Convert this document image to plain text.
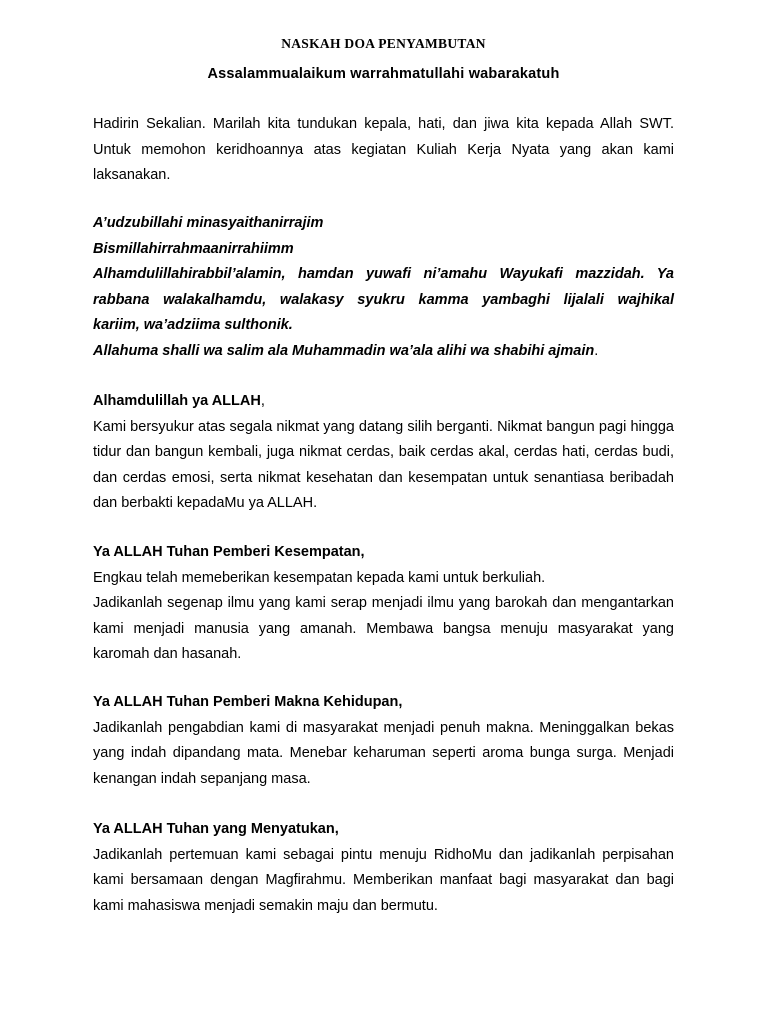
NASKAH DOA PENYAMBUTAN

Assalammualaikum warrahmatullahi wabarakatuh

Hadirin Sekalian. Marilah kita tundukan kepala, hati, dan jiwa kita kepada Allah SWT. Untuk memohon keridhoannya atas kegiatan Kuliah Kerja Nyata yang akan kami laksanakan.

A’udzubillahi minasyaithanirrajim
Bismillahirrahmaanirrahiimm
Alhamdulillahirabbil’alamin, hamdan yuwafi ni’amahu Wayukafi mazzidah. Ya
rabbana walakalhamdu, walakasy syukru kamma yambaghi lijalali wajhikal
kariim, wa’adziima sulthonik.
Allahuma shalli wa salim ala Muhammadin wa’ala alihi wa shabihi ajmain.
Alhamdulillah ya ALLAH,
Kami bersyukur atas segala nikmat yang datang silih berganti. Nikmat bangun pagi hingga tidur dan bangun kembali, juga nikmat cerdas, baik cerdas akal, cerdas hati, cerdas budi, dan cerdas emosi, serta nikmat kesehatan dan kesempatan untuk senantiasa beribadah dan berbakti kepadaMu ya ALLAH.
Ya ALLAH Tuhan Pemberi Kesempatan,
Engkau telah memeberikan kesempatan kepada kami untuk berkuliah.
Jadikanlah segenap ilmu yang kami serap menjadi ilmu yang barokah dan mengantarkan kami menjadi manusia yang amanah. Membawa bangsa menuju masyarakat yang karomah dan hasanah.
Ya ALLAH Tuhan Pemberi Makna Kehidupan,
Jadikanlah pengabdian kami di masyarakat menjadi penuh makna. Meninggalkan bekas yang indah dipandang mata. Menebar keharuman seperti aroma bunga surga. Menjadi kenangan indah sepanjang masa.
Ya ALLAH Tuhan yang Menyatukan,
Jadikanlah pertemuan kami sebagai pintu menuju RidhoMu dan jadikanlah perpisahan kami bersamaan dengan Magfirahmu. Memberikan manfaat bagi masyarakat dan bagi kami mahasiswa menjadi semakin maju dan bermutu.
